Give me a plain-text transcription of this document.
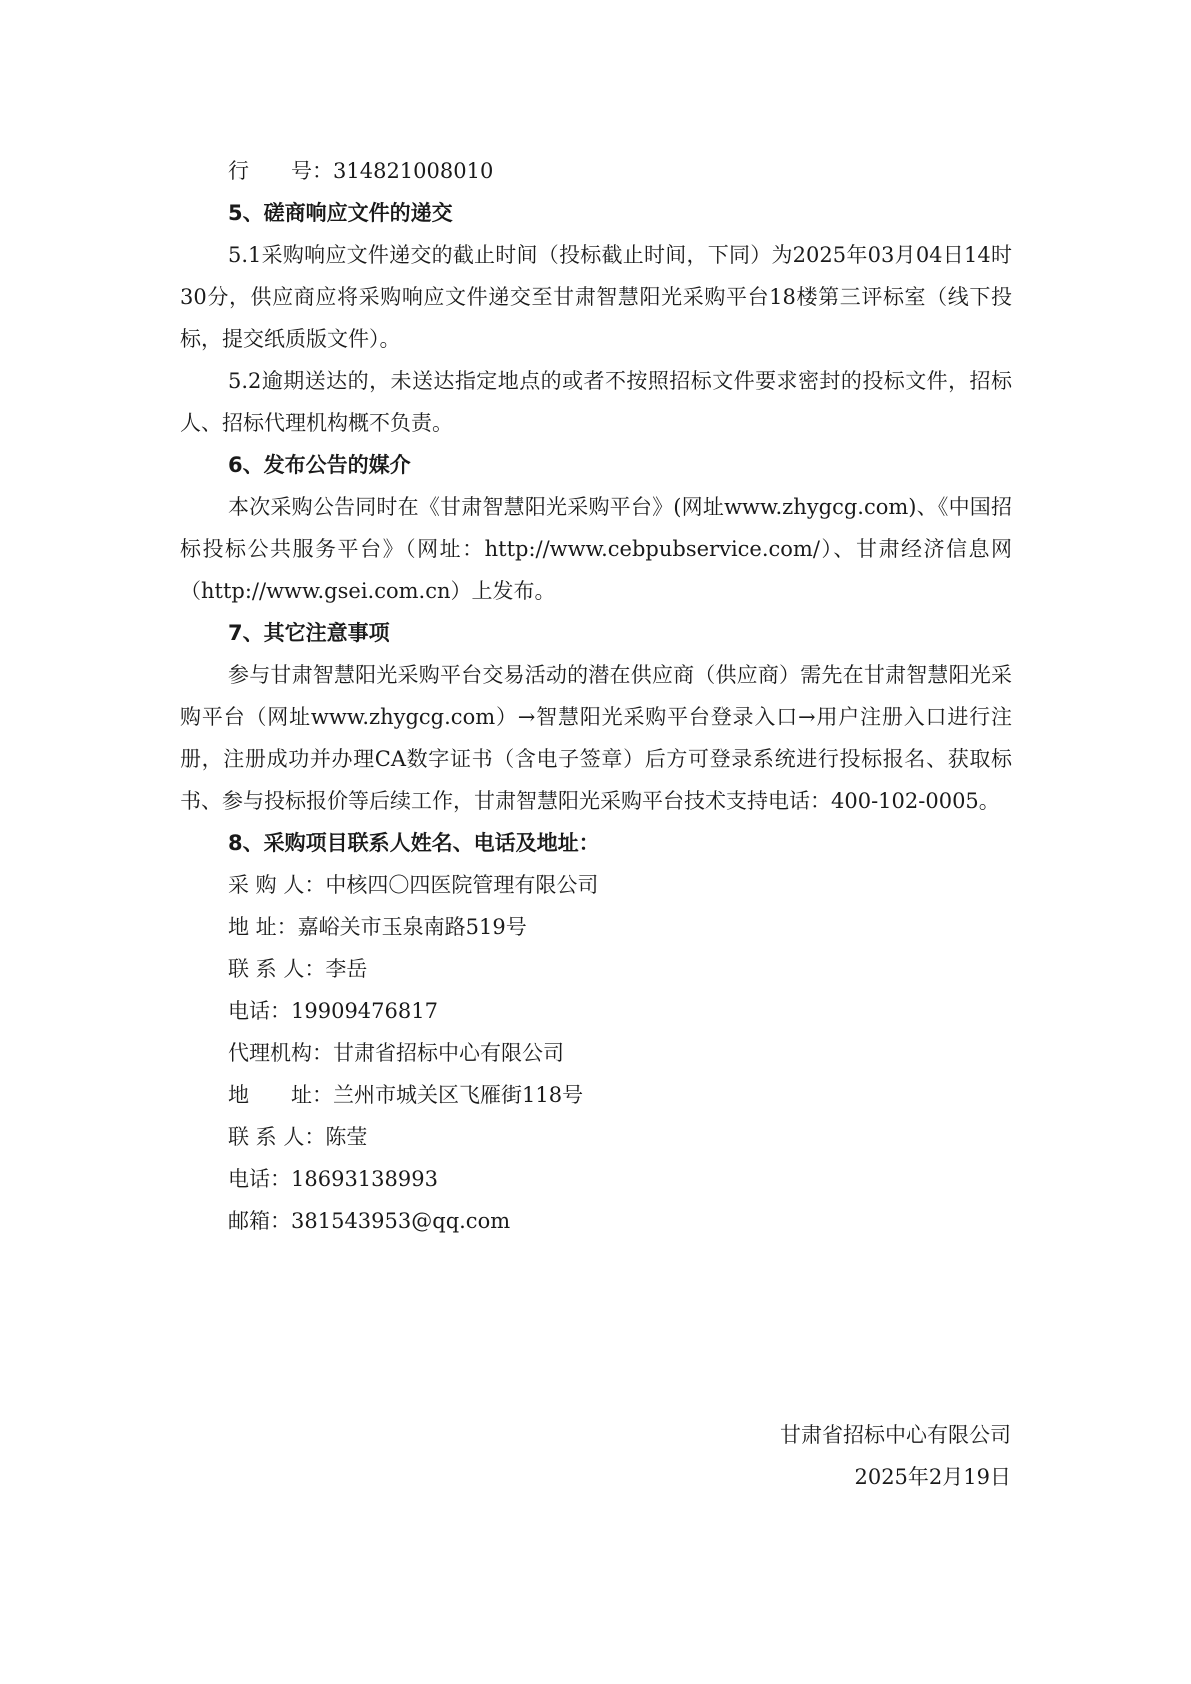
行 号：314821008010

5、磋商响应文件的递交

5.1采购响应文件递交的截止时间（投标截止时间，下同）为2025年03月04日14时30分，供应商应将采购响应文件递交至甘肃智慧阳光采购平台18楼第三评标室（线下投标，提交纸质版文件）。

5.2逾期送达的，未送达指定地点的或者不按照招标文件要求密封的投标文件，招标人、招标代理机构概不负责。

6、发布公告的媒介

本次采购公告同时在《甘肃智慧阳光采购平台》(网址www.zhygcg.com)、《中国招标投标公共服务平台》（网址：http://www.cebpubservice.com/）、甘肃经济信息网（http://www.gsei.com.cn）上发布。

7、其它注意事项

参与甘肃智慧阳光采购平台交易活动的潜在供应商（供应商）需先在甘肃智慧阳光采购平台（网址www.zhygcg.com）→智慧阳光采购平台登录入口→用户注册入口进行注册，注册成功并办理CA数字证书（含电子签章）后方可登录系统进行投标报名、获取标书、参与投标报价等后续工作，甘肃智慧阳光采购平台技术支持电话：400-102-0005。

8、采购项目联系人姓名、电话及地址：

采 购 人：中核四〇四医院管理有限公司

地 址：嘉峪关市玉泉南路519号

联 系 人：李岳

电话：19909476817

代理机构：甘肃省招标中心有限公司

地 址：兰州市城关区飞雁街118号

联 系 人：陈莹

电话：18693138993

邮箱：381543953@qq.com

甘肃省招标中心有限公司
2025年2月19日
